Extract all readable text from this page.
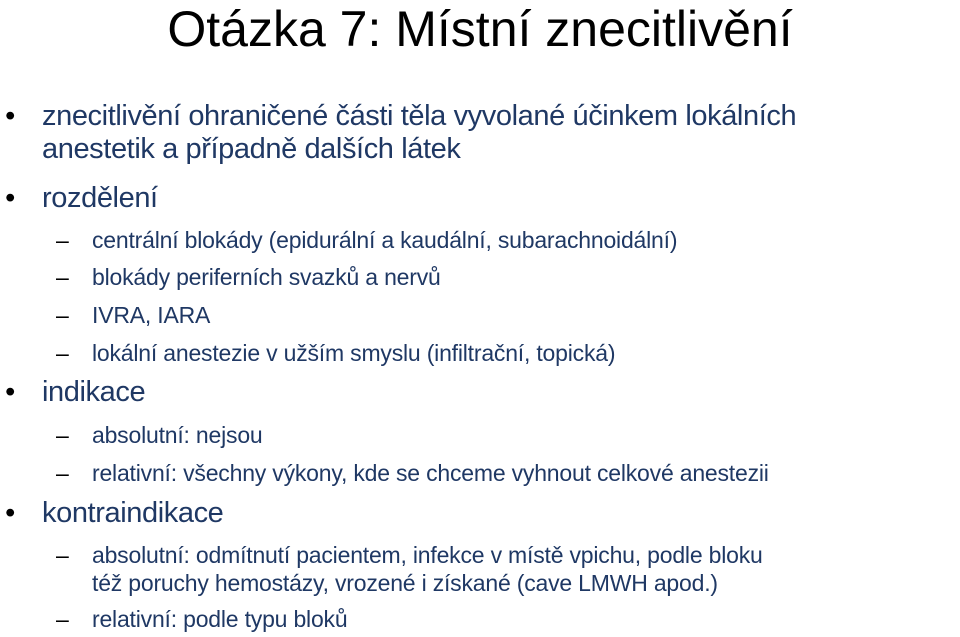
Otázka 7: Místní znecitlivění
• znecitlivění ohraničené části těla vyvolané účinkem lokálních
anestetik a případně dalších látek
• rozdělení
–	centrální blokády (epidurální a kaudální, subarachnoidální)
–	blokády periferních svazků a nervů
–	IVRA, IARA
–	lokální anestezie v užším smyslu (infiltrační, topická)
• indikace
–	absolutní: nejsou
–	relativní: všechny výkony, kde se chceme vyhnout celkové anestezii
• kontraindikace
–	absolutní: odmítnutí pacientem, infekce v místě vpichu, podle bloku
též poruchy hemostázy, vrozené i získané (cave LMWH apod.)
–	relativní: podle typu bloků
